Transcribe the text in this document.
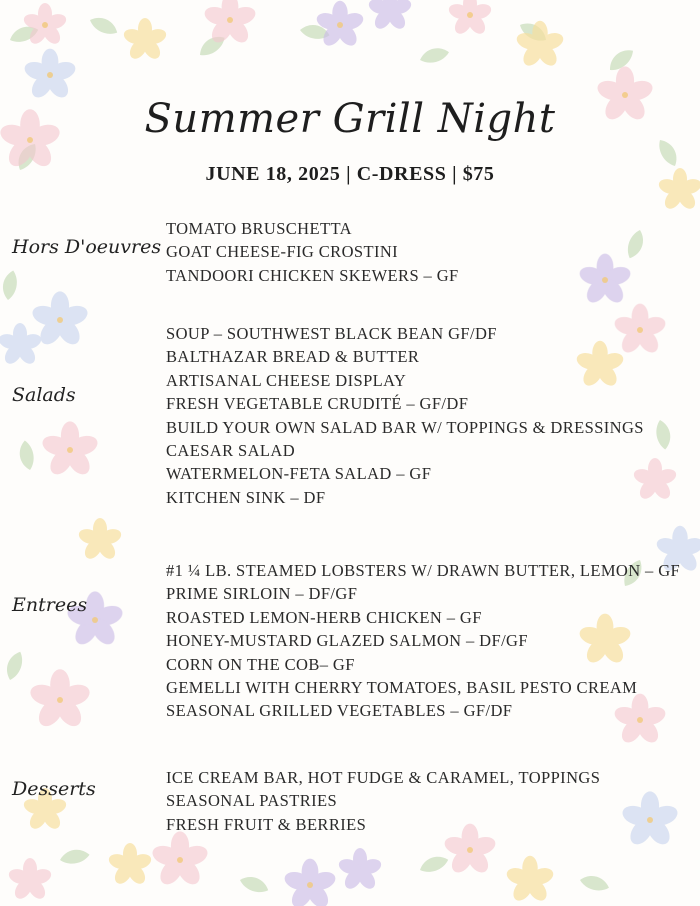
Summer Grill Night
JUNE 18, 2025 | C-DRESS | $75
Hors D'oeuvres
TOMATO BRUSCHETTA
GOAT CHEESE-FIG CROSTINI
TANDOORI CHICKEN SKEWERS – GF
Salads
SOUP – SOUTHWEST BLACK BEAN GF/DF
BALTHAZAR BREAD & BUTTER
ARTISANAL CHEESE DISPLAY
FRESH VEGETABLE CRUDITÉ – GF/DF
BUILD YOUR OWN SALAD BAR W/ TOPPINGS & DRESSINGS
CAESAR SALAD
WATERMELON-FETA SALAD – GF
KITCHEN SINK – DF
Entrees
#1 ¼ LB. STEAMED LOBSTERS W/ DRAWN BUTTER, LEMON – GF
PRIME SIRLOIN – DF/GF
ROASTED LEMON-HERB CHICKEN – GF
HONEY-MUSTARD GLAZED SALMON – DF/GF
CORN ON THE COB– GF
GEMELLI WITH CHERRY TOMATOES, BASIL PESTO CREAM
SEASONAL GRILLED VEGETABLES – GF/DF
Desserts
ICE CREAM BAR, HOT FUDGE & CARAMEL, TOPPINGS
SEASONAL PASTRIES
FRESH FRUIT & BERRIES
